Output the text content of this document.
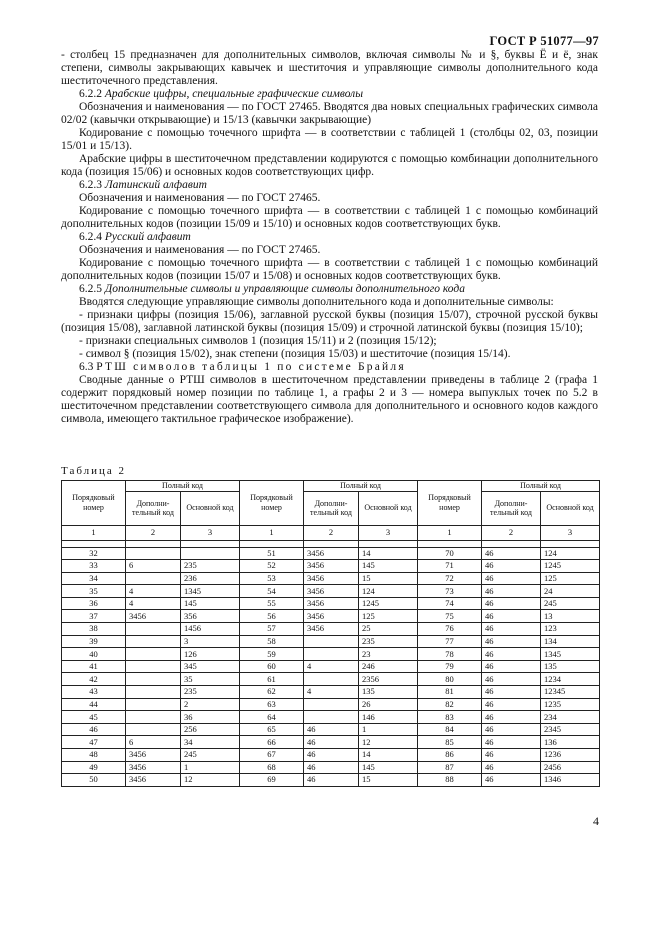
ГОСТ Р 51077—97

- столбец 15 предназначен для дополнительных символов, включая символы № и §, буквы Ё и ё, знак степени, символы закрывающих кавычек и шеститочия и управляющие символы дополнительного кода шеститочечного представления.

6.2.2 Арабские цифры, специальные графические символы

Обозначения и наименования — по ГОСТ 27465. Вводятся два новых специальных графических символа 02/02 (кавычки открывающие) и 15/13 (кавычки закрывающие)

Кодирование с помощью точечного шрифта — в соответствии с таблицей 1 (столбцы 02, 03, позиции 15/01 и 15/13).

Арабские цифры в шеститочечном представлении кодируются с помощью комбинации дополнительного кода (позиция 15/06) и основных кодов соответствующих цифр.

6.2.3 Латинский алфавит

Обозначения и наименования — по ГОСТ 27465.

Кодирование с помощью точечного шрифта — в соответствии с таблицей 1 с помощью комбинаций дополнительных кодов (позиции 15/09 и 15/10) и основных кодов соответствующих букв.

6.2.4 Русский алфавит

Обозначения и наименования — по ГОСТ 27465.

Кодирование с помощью точечного шрифта — в соответствии с таблицей 1 с помощью комбинаций дополнительных кодов (позиции 15/07 и 15/08) и основных кодов соответствующих букв.

6.2.5 Дополнительные символы и управляющие символы дополнительного кода

Вводятся следующие управляющие символы дополнительного кода и дополнительные символы:

- признаки цифры (позиция 15/06), заглавной русской буквы (позиция 15/07), строчной русской буквы (позиция 15/08), заглавной латинской буквы (позиция 15/09) и строчной латинской буквы (позиция 15/10);

- признаки специальных символов 1 (позиция 15/11) и 2 (позиция 15/12);

- символ § (позиция 15/02), знак степени (позиция 15/03) и шеститочие (позиция 15/14).

6.3 РТШ символов таблицы 1 по системе Брайля

Сводные данные о РТШ символов в шеститочечном представлении приведены в таблице 2 (графа 1 содержит порядковый номер позиции по таблице 1, а графы 2 и 3 — номера выпуклых точек по 5.2 в шеститочечном представлении соответствующего символа для дополнительного и основного кодов каждого символа, имеющего тактильное графическое изображение).

Таблица 2
Порядковый номер	Полный код		Порядковый номер	Полный код		Порядковый номер	Полный код	
	Дополни-тельный код	Основной код		Дополни-тельный код	Основной код		Дополни-тельный код	Основной код
1	2	3	1	2	3	1	2	3

32			51	3456	14	70	46	124
33	6	235	52	3456	145	71	46	1245
34		236	53	3456	15	72	46	125
35	4	1345	54	3456	124	73	46	24
36	4	145	55	3456	1245	74	46	245
37	3456	356	56	3456	125	75	46	13
38		1456	57	3456	25	76	46	123
39		3	58		235	77	46	134
40		126	59		23	78	46	1345
41		345	60	4	246	79	46	135
42		35	61		2356	80	46	1234
43		235	62	4	135	81	46	12345
44		2	63		26	82	46	1235
45		36	64		146	83	46	234
46		256	65	46	1	84	46	2345
47	6	34	66	46	12	85	46	136
48	3456	245	67	46	14	86	46	1236
49	3456	1	68	46	145	87	46	2456
50	3456	12	69	46	15	88	46	1346
4
